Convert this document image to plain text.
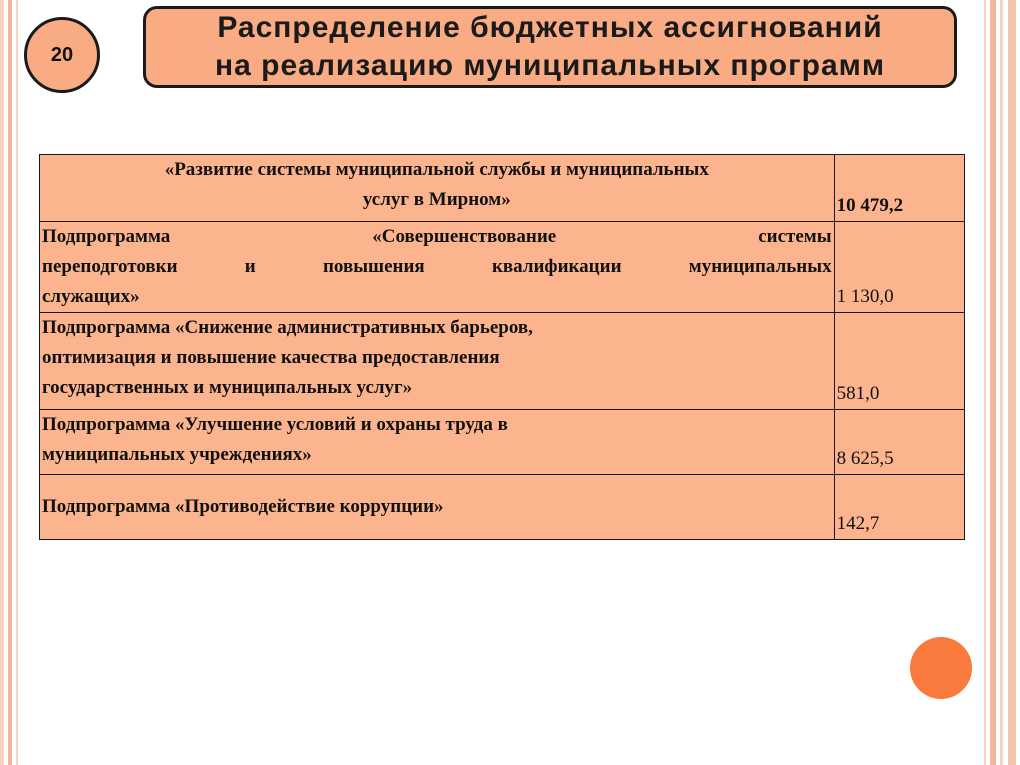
20
Распределение бюджетных ассигнований
на реализацию муниципальных программ
«Развитие системы муниципальной службы и муниципальных
услуг в Мирном»	10 479,2

Подпрограмма «Совершенствование системы
переподготовки и повышения квалификации муниципальных
служащих»	1 130,0

Подпрограмма «Снижение административных барьеров,
оптимизация и повышение качества предоставления
государственных и муниципальных услуг»	581,0

Подпрограмма «Улучшение условий и охраны труда в
муниципальных учреждениях»	8 625,5

Подпрограмма «Противодействие коррупции»	142,7
